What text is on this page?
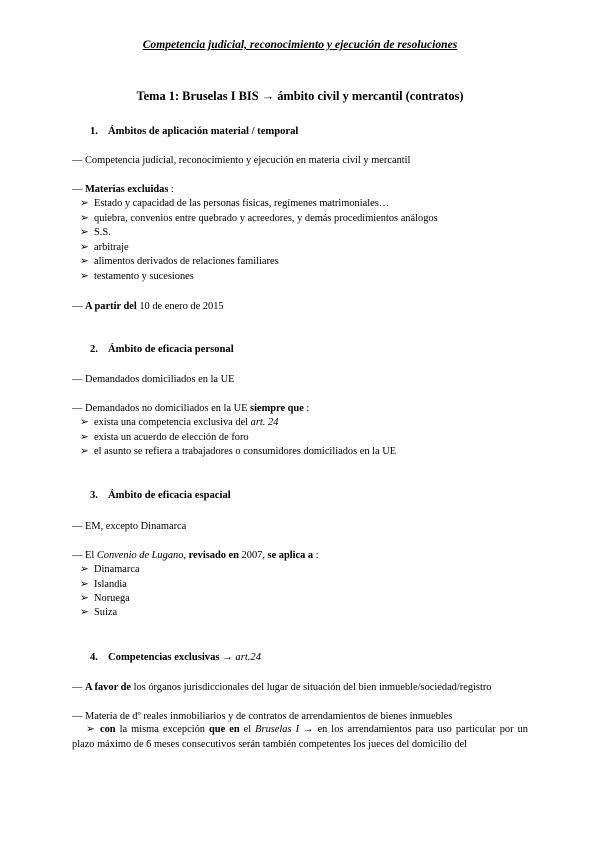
Competencia judicial, reconocimiento y ejecución de resoluciones
Tema 1: Bruselas I BIS → ámbito civil y mercantil (contratos)
1. Ámbitos de aplicación material / temporal
— Competencia judicial, reconocimiento y ejecución en materia civil y mercantil
— Materias excluidas :
➢ Estado y capacidad de las personas físicas, regímenes matrimoniales…
➢ quiebra, convenios entre quebrado y acreedores, y demás procedimientos análogos
➢ S.S.
➢ arbitraje
➢ alimentos derivados de relaciones familiares
➢ testamento y sucesiones
— A partir del 10 de enero de 2015
2. Ámbito de eficacia personal
— Demandados domiciliados en la UE
— Demandados no domiciliados en la UE siempre que :
➢ exista una competencia exclusiva del art. 24
➢ exista un acuerdo de elección de foro
➢ el asunto se refiera a trabajadores o consumidores domiciliados en la UE
3. Ámbito de eficacia espacial
— EM, excepto Dinamarca
— El Convenio de Lugano, revisado en 2007, se aplica a :
➢ Dinamarca
➢ Islandia
➢ Noruega
➢ Suiza
4. Competencias exclusivas → art.24
— A favor de los órganos jurisdiccionales del lugar de situación del bien inmueble/sociedad/registro
— Materia de dº reales inmobiliarios y de contratos de arrendamientos de bienes inmuebles
➢ con la misma excepción que en el Bruselas I → en los arrendamientos para uso particular por un plazo máximo de 6 meses consecutivos serán también competentes los jueces del domicilio del
